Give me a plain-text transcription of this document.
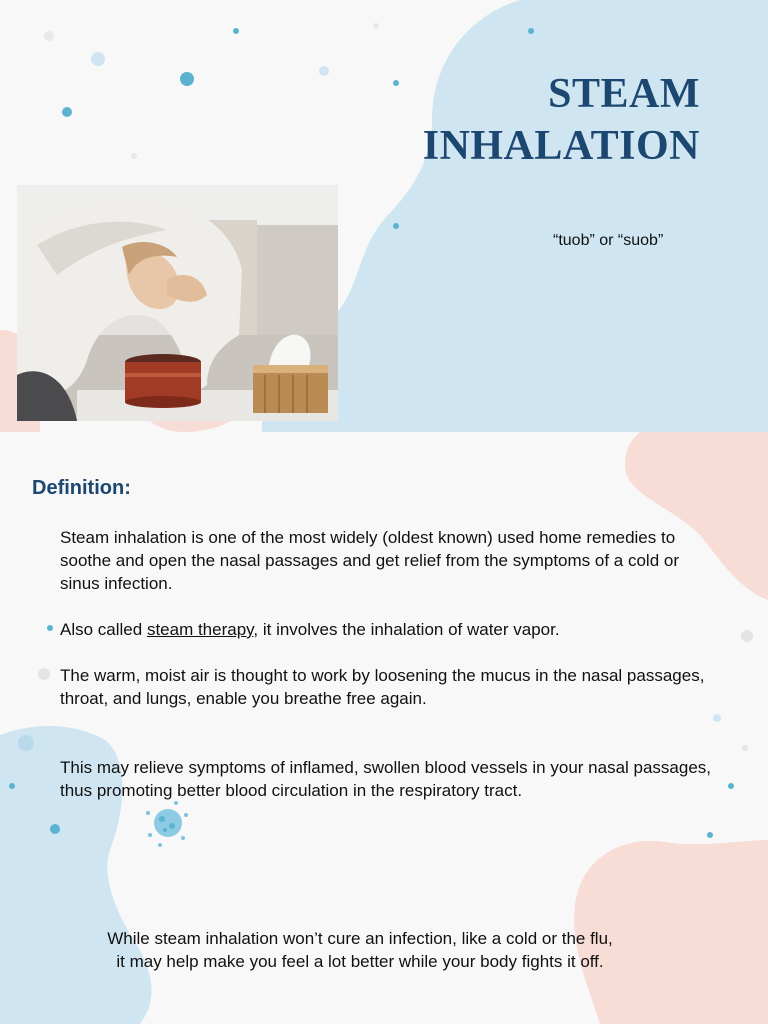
STEAM
INHALATION
“tuob” or “suob”
Definition:

Steam inhalation is one of the most widely (oldest known) used home remedies to soothe and open the nasal passages and get relief from the symptoms of a cold or sinus infection.

Also called steam therapy, it involves the inhalation of water vapor.

The warm, moist air is thought to work by loosening the mucus in the nasal passages, throat, and lungs, enable you breathe free again.

This may relieve symptoms of inflamed, swollen blood vessels in your nasal passages, thus promoting better blood circulation in the respiratory tract.

While steam inhalation won’t cure an infection, like a cold or the flu,
it may help make you feel a lot better while your body fights it off.
